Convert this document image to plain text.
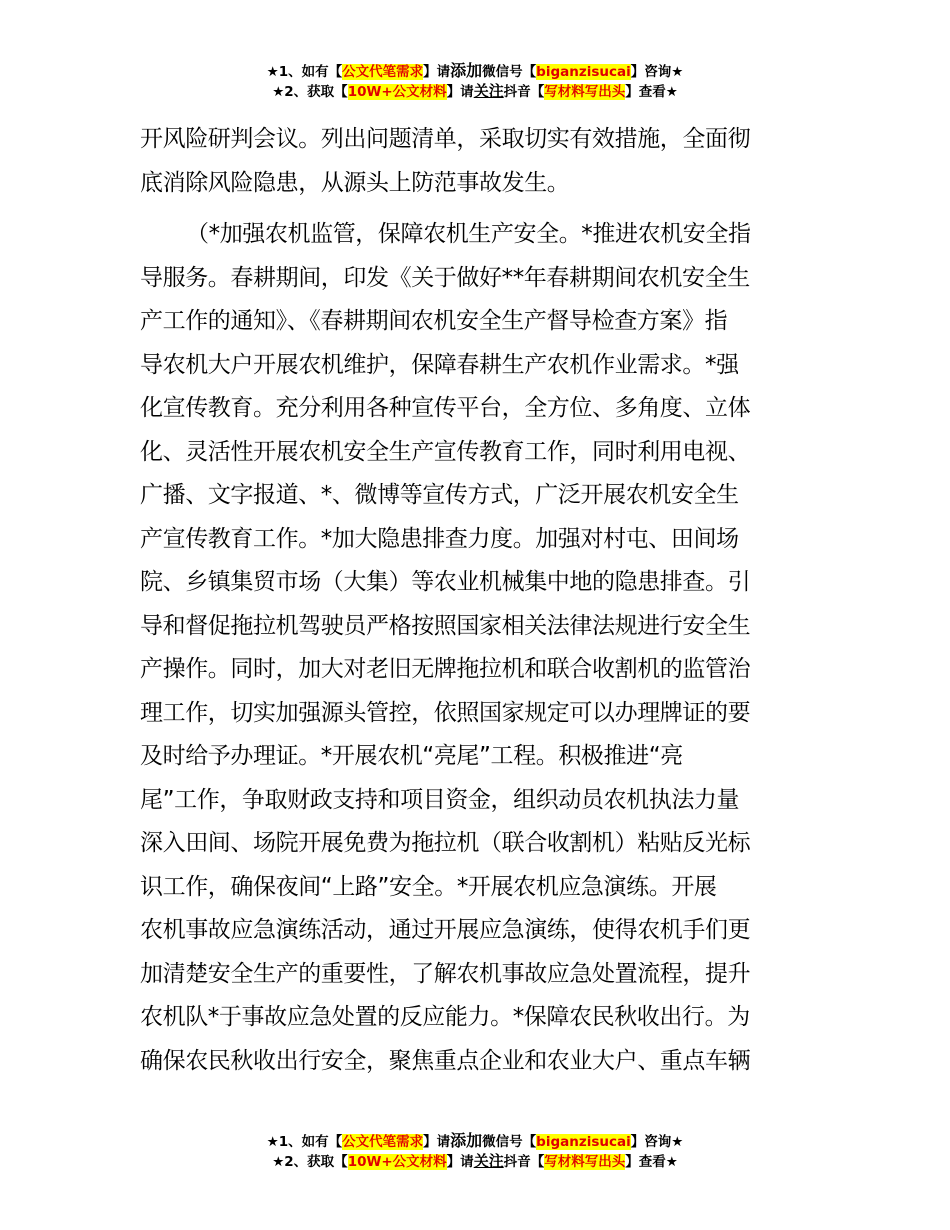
★1、如有【公文代笔需求】请添加微信号【biganzisucai】咨询★
★2、获取【10W+公文材料】请关注抖音【写材料写出头】查看★
开风险研判会议。列出问题清单，采取切实有效措施，全面彻
底消除风险隐患，从源头上防范事故发生。
（*加强农机监管，保障农机生产安全。*推进农机安全指
导服务。春耕期间，印发《关于做好**年春耕期间农机安全生
产工作的通知》、《春耕期间农机安全生产督导检查方案》指
导农机大户开展农机维护，保障春耕生产农机作业需求。*强
化宣传教育。充分利用各种宣传平台，全方位、多角度、立体
化、灵活性开展农机安全生产宣传教育工作，同时利用电视、
广播、文字报道、*、微博等宣传方式，广泛开展农机安全生
产宣传教育工作。*加大隐患排查力度。加强对村屯、田间场
院、乡镇集贸市场（大集）等农业机械集中地的隐患排查。引
导和督促拖拉机驾驶员严格按照国家相关法律法规进行安全生
产操作。同时，加大对老旧无牌拖拉机和联合收割机的监管治
理工作，切实加强源头管控，依照国家规定可以办理牌证的要
及时给予办理证。*开展农机“亮尾”工程。积极推进“亮
尾”工作，争取财政支持和项目资金，组织动员农机执法力量
深入田间、场院开展免费为拖拉机（联合收割机）粘贴反光标
识工作，确保夜间“上路”安全。*开展农机应急演练。开展
农机事故应急演练活动，通过开展应急演练，使得农机手们更
加清楚安全生产的重要性，了解农机事故应急处置流程，提升
农机队*于事故应急处置的反应能力。*保障农民秋收出行。为
确保农民秋收出行安全，聚焦重点企业和农业大户、重点车辆
★1、如有【公文代笔需求】请添加微信号【biganzisucai】咨询★
★2、获取【10W+公文材料】请关注抖音【写材料写出头】查看★
